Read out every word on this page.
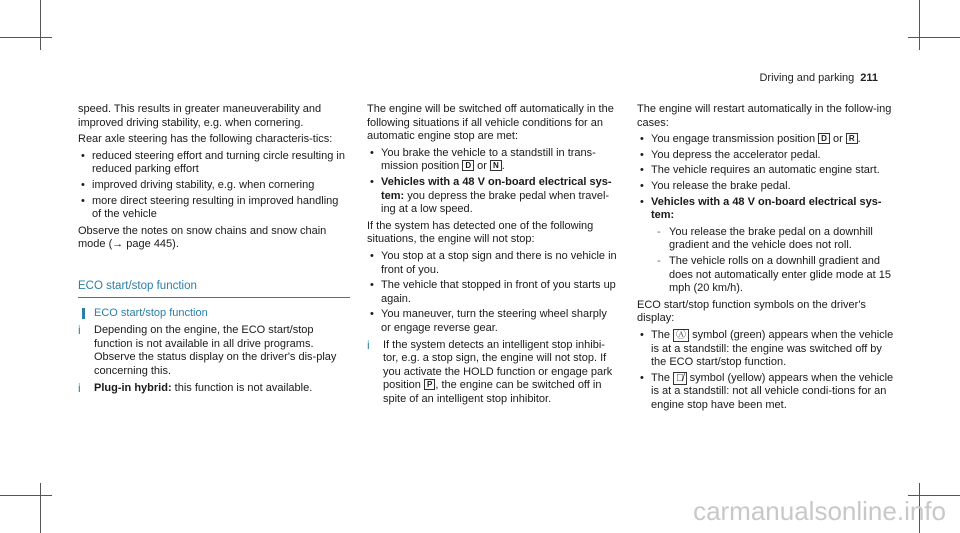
Driving and parking 211

speed. This results in greater maneuverability and improved driving stability, e.g. when cornering.

Rear axle steering has the following characteris-tics:

• reduced steering effort and turning circle resulting in reduced parking effort
• improved driving stability, e.g. when cornering
• more direct steering resulting in improved handling of the vehicle

Observe the notes on snow chains and snow chain mode (→ page 445).

ECO start/stop function
ECO start/stop function
i Depending on the engine, the ECO start/stop function is not available in all drive programs. Observe the status display on the driver's dis-play concerning this.
i Plug-in hybrid: this function is not available.

The engine will be switched off automatically in the following situations if all vehicle conditions for an automatic engine stop are met:

• You brake the vehicle to a standstill in trans-mission position D or N .
• Vehicles with a 48 V on-board electrical sys-tem: you depress the brake pedal when travel-ing at a low speed.

If the system has detected one of the following situations, the engine will not stop:

• You stop at a stop sign and there is no vehicle in front of you.
• The vehicle that stopped in front of you starts up again.
• You maneuver, turn the steering wheel sharply or engage reverse gear.
i If the system detects an intelligent stop inhibi-tor, e.g. a stop sign, the engine will not stop. If you activate the HOLD function or engage park position P , the engine can be switched off in spite of an intelligent stop inhibitor.

The engine will restart automatically in the follow-ing cases:

• You engage transmission position D or R .
• You depress the accelerator pedal.
• The vehicle requires an automatic engine start.
• You release the brake pedal.
• Vehicles with a 48 V on-board electrical sys-tem:
- You release the brake pedal on a downhill gradient and the vehicle does not roll.
- The vehicle rolls on a downhill gradient and does not automatically enter glide mode at 15 mph (20 km/h).

ECO start/stop function symbols on the driver's display:

• The Ⓐ symbol (green) appears when the vehicle is at a standstill: the engine was switched off by the ECO start/stop function.
• The Ⓐ̸ symbol (yellow) appears when the vehicle is at a standstill: not all vehicle condi-tions for an engine stop have been met.
carmanualsonline.info
